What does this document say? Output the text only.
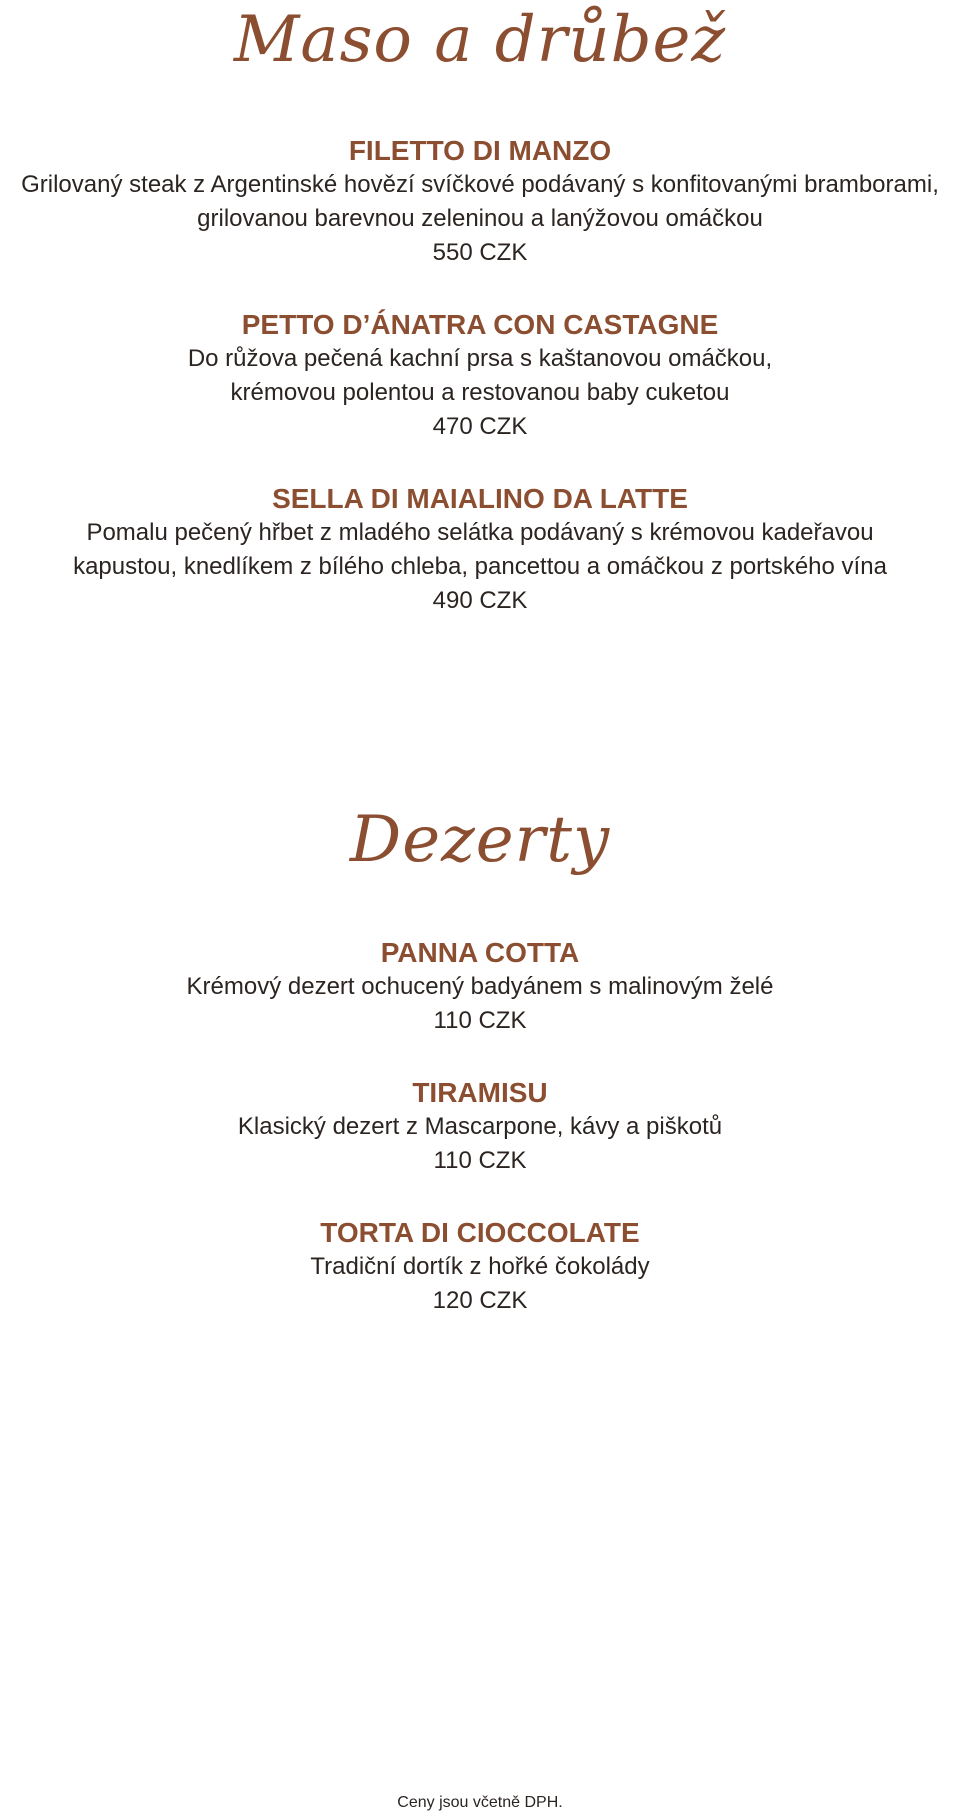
Maso a drůbež

FILETTO DI MANZO

Grilovaný steak z Argentinské hovězí svíčkové podávaný s konfitovanými bramborami,

grilovanou barevnou zeleninou a lanýžovou omáčkou

550 CZK

PETTO D’ÁNATRA CON CASTAGNE

Do růžova pečená kachní prsa s kaštanovou omáčkou,

krémovou polentou a restovanou baby cuketou

470 CZK

SELLA DI MAIALINO DA LATTE

Pomalu pečený hřbet z mladého selátka podávaný s krémovou kadeřavou

kapustou, knedlíkem z bílého chleba, pancettou a omáčkou z portského vína

490 CZK

Dezerty

PANNA COTTA

Krémový dezert ochucený badyánem s malinovým želé

110 CZK

TIRAMISU

Klasický dezert z Mascarpone, kávy a piškotů

110 CZK

TORTA DI CIOCCOLATE

Tradiční dortík z hořké čokolády

120 CZK

Ceny jsou včetně DPH.
